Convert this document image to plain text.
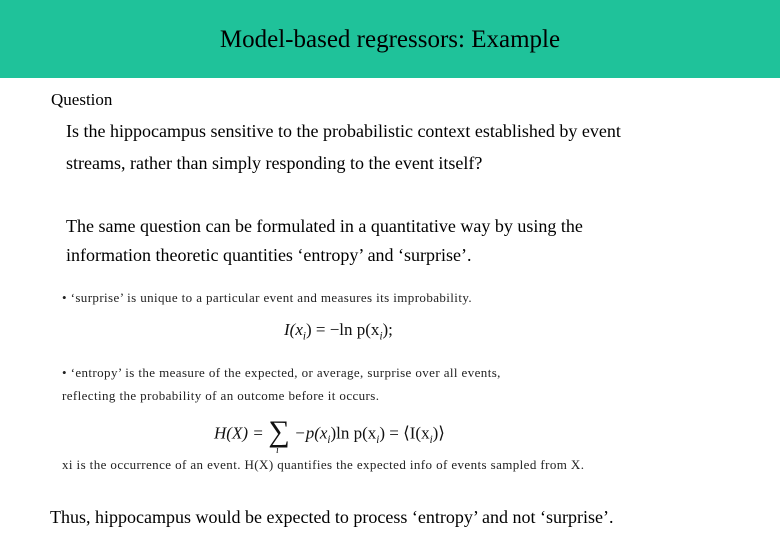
Model-based regressors: Example
Question
Is the hippocampus sensitive to the probabilistic context established by event
streams, rather than simply responding to the event itself?
The same question can be formulated in a quantitative way by using the
information theoretic quantities ‘entropy’ and ‘surprise’.
• ‘surprise’ is unique to a particular event and measures its improbability.
$I(x_i) = -\ln$ $p(x_i)$;
• ‘entropy’ is the measure of the expected, or average, surprise over all events,
reflecting the probability of an outcome before it occurs.
H(X) = ∑
i
$-p(x_i)\ln$ $p(x_i)$ = $⟨I(x_i)⟩$
xi is the occurrence of an event. H(X) quantifies the expected info of events sampled from X.
Thus, hippocampus would be expected to process ‘entropy’ and not ‘surprise’.
